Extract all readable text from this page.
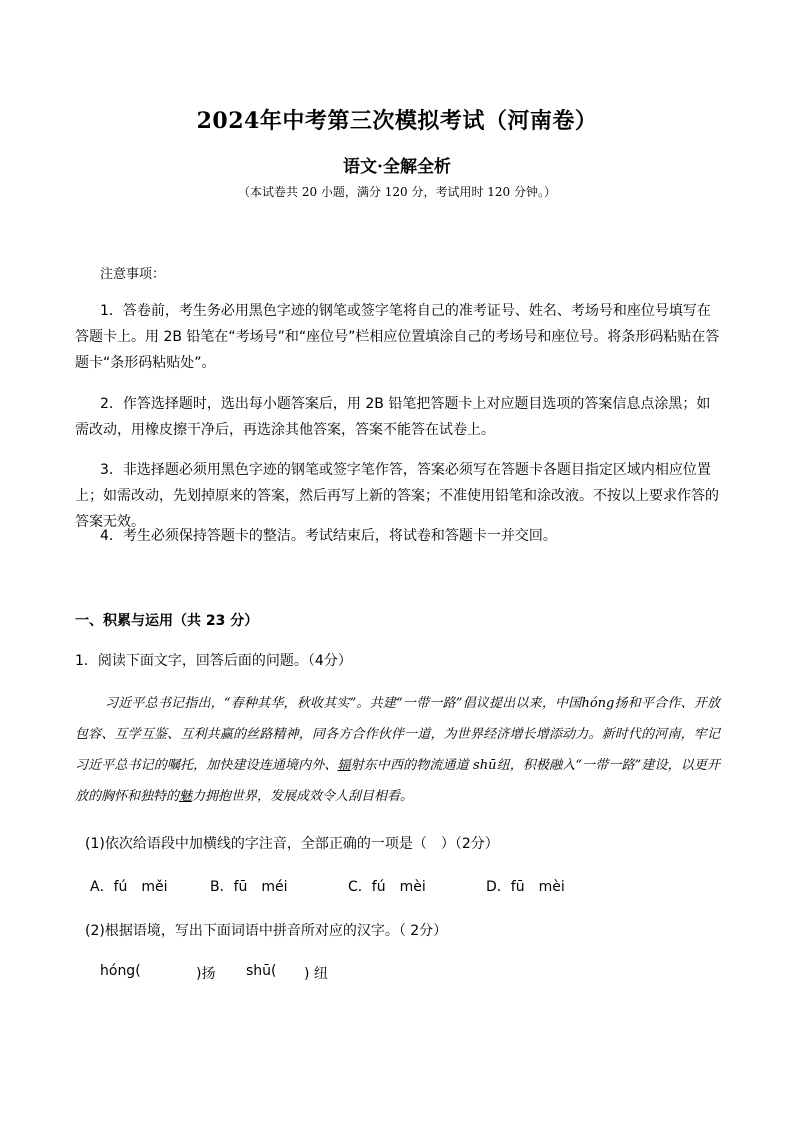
2024年中考第三次模拟考试（河南卷）
语文·全解全析
（本试卷共 20 小题，满分 120 分，考试用时 120 分钟。）
注意事项：
1．答卷前，考生务必用黑色字迹的钢笔或签字笔将自己的准考证号、姓名、考场号和座位号填写在答题卡上。用 2B 铅笔在“考场号”和“座位号”栏相应位置填涂自己的考场号和座位号。将条形码粘贴在答题卡“条形码粘贴处”。
2．作答选择题时，选出每小题答案后，用 2B 铅笔把答题卡上对应题目选项的答案信息点涂黑；如需改动，用橡皮擦干净后，再选涂其他答案，答案不能答在试卷上。
3．非选择题必须用黑色字迹的钢笔或签字笔作答，答案必须写在答题卡各题目指定区域内相应位置上；如需改动，先划掉原来的答案，然后再写上新的答案；不准使用铅笔和涂改液。不按以上要求作答的答案无效。
4．考生必须保持答题卡的整洁。考试结束后，将试卷和答题卡一并交回。
一、积累与运用（共 23 分）
1．阅读下面文字，回答后面的问题。（4分）
习近平总书记指出，“春种其华，秋收其实”。共建“一带一路”倡议提出以来，中国hóng扬和平合作、开放包容、互学互鉴、互利共赢的丝路精神，同各方合作伙伴一道，为世界经济增长增添动力。新时代的河南，牢记习近平总书记的嘱托，加快建设连通境内外、辐射东中西的物流通道 shū纽，积极融入“一带一路”建设，以更开放的胸怀和独特的魅力拥抱世界，发展成效令人刮目相看。
(1)依次给语段中加横线的字注音，全部正确的一项是（　）（2分）
A．fú　měi	B．fū　méi	C．fú　mèi	D．fū　mèi
(2)根据语境，写出下面词语中拼音所对应的汉字。（ 2分）
hóng(	)扬 shū( ) 纽
